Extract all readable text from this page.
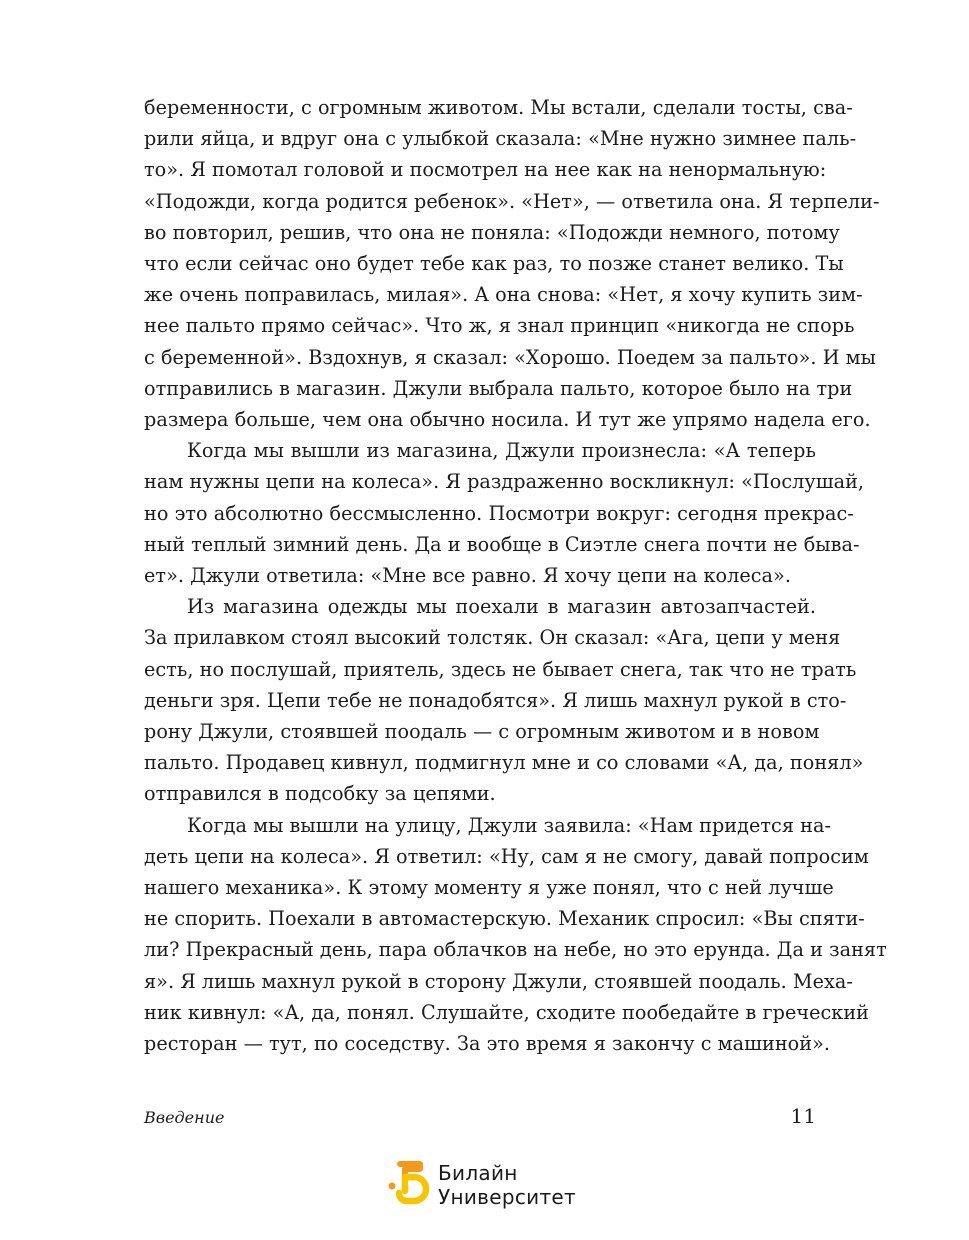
беременности, с огромным животом. Мы встали, сделали тосты, сва-
рили яйца, и вдруг она с улыбкой сказала: «Мне нужно зимнее паль-
то». Я помотал головой и посмотрел на нее как на ненормальную:
«Подожди, когда родится ребенок». «Нет», — ответила она. Я терпели-
во повторил, решив, что она не поняла: «Подожди немного, потому
что если сейчас оно будет тебе как раз, то позже станет велико. Ты
же очень поправилась, милая». А она снова: «Нет, я хочу купить зим-
нее пальто прямо сейчас». Что ж, я знал принцип «никогда не спорь
с беременной». Вздохнув, я сказал: «Хорошо. Поедем за пальто». И мы
отправились в магазин. Джули выбрала пальто, которое было на три
размера больше, чем она обычно носила. И тут же упрямо надела его.

Когда мы вышли из магазина, Джули произнесла: «А теперь
нам нужны цепи на колеса». Я раздраженно воскликнул: «Послушай,
но это абсолютно бессмысленно. Посмотри вокруг: сегодня прекрас-
ный теплый зимний день. Да и вообще в Сиэтле снега почти не быва-
ет». Джули ответила: «Мне все равно. Я хочу цепи на колеса».

Из магазина одежды мы поехали в магазин автозапчастей.
За прилавком стоял высокий толстяк. Он сказал: «Ага, цепи у меня
есть, но послушай, приятель, здесь не бывает снега, так что не трать
деньги зря. Цепи тебе не понадобятся». Я лишь махнул рукой в сто-
рону Джули, стоявшей поодаль — с огромным животом и в новом
пальто. Продавец кивнул, подмигнул мне и со словами «А, да, понял»
отправился в подсобку за цепями.

Когда мы вышли на улицу, Джули заявила: «Нам придется на-
деть цепи на колеса». Я ответил: «Ну, сам я не смогу, давай попросим
нашего механика». К этому моменту я уже понял, что с ней лучше
не спорить. Поехали в автомастерскую. Механик спросил: «Вы спяти-
ли? Прекрасный день, пара облачков на небе, но это ерунда. Да и занят
я». Я лишь махнул рукой в сторону Джули, стоявшей поодаль. Меха-
ник кивнул: «А, да, понял. Слушайте, сходите пообедайте в греческий
ресторан — тут, по соседству. За это время я закончу с машиной».

Введение	11
Билайн
Университет
